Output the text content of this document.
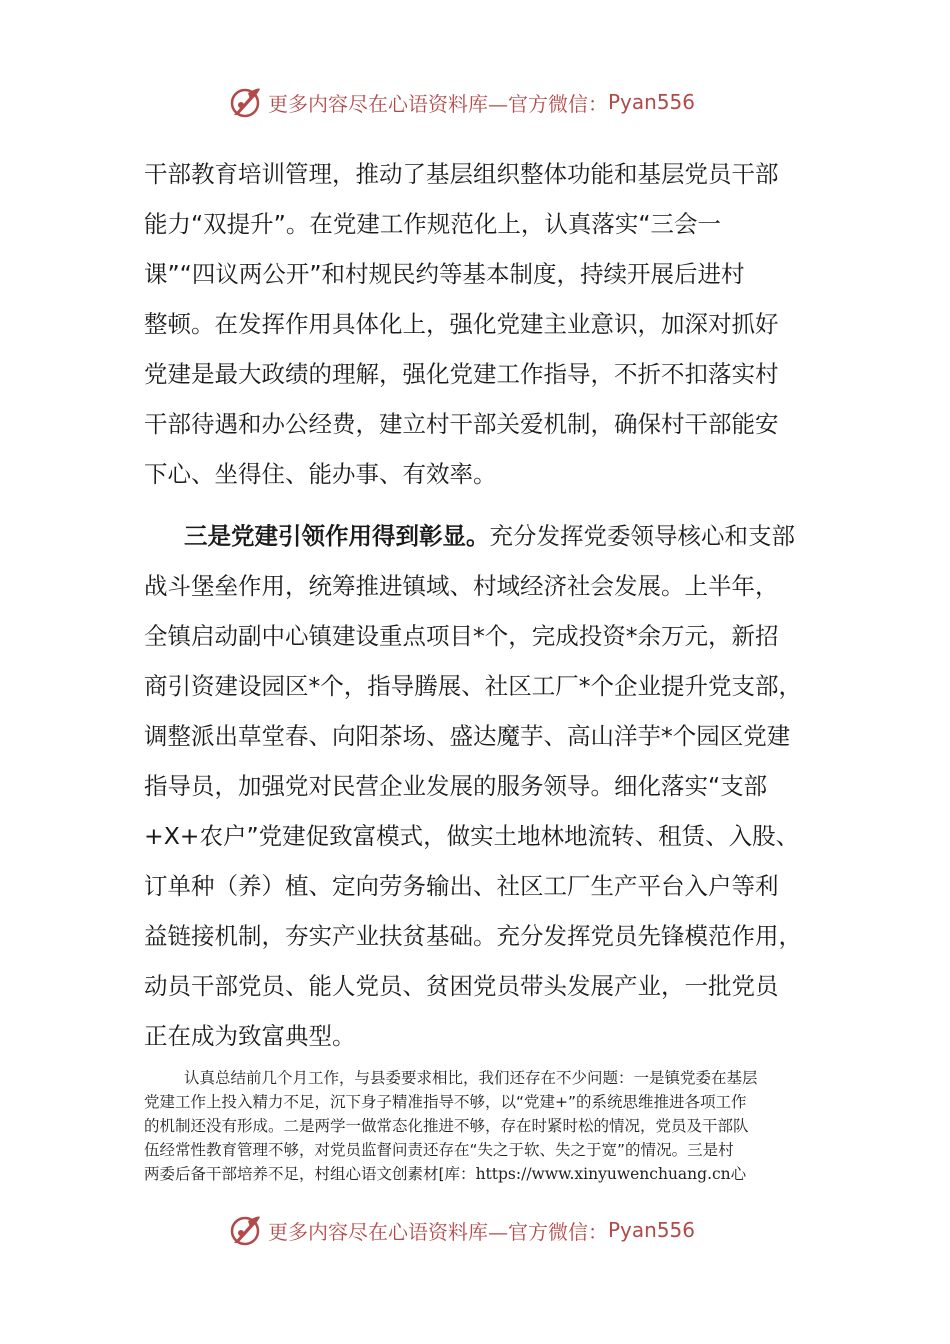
更多内容尽在心语资料库—官方微信： Pyan556
干部教育培训管理，推动了基层组织整体功能和基层党员干部
能力“双提升”。在党建工作规范化上，认真落实“三会一
课”“四议两公开”和村规民约等基本制度，持续开展后进村
整顿。在发挥作用具体化上，强化党建主业意识，加深对抓好
党建是最大政绩的理解，强化党建工作指导，不折不扣落实村
干部待遇和办公经费，建立村干部关爱机制，确保村干部能安
下心、坐得住、能办事、有效率。
三是党建引领作用得到彰显。充分发挥党委领导核心和支部
战斗堡垒作用，统筹推进镇域、村域经济社会发展。上半年，
全镇启动副中心镇建设重点项目*个，完成投资*余万元，新招
商引资建设园区*个，指导腾展、社区工厂*个企业提升党支部，
调整派出草堂春、向阳茶场、盛达魔芋、高山洋芋*个园区党建
指导员，加强党对民营企业发展的服务领导。细化落实“支部
+X+农户”党建促致富模式，做实土地林地流转、租赁、入股、
订单种（养）植、定向劳务输出、社区工厂生产平台入户等利
益链接机制，夯实产业扶贫基础。充分发挥党员先锋模范作用，
动员干部党员、能人党员、贫困党员带头发展产业，一批党员
正在成为致富典型。
认真总结前几个月工作，与县委要求相比，我们还存在不少问题：一是镇党委在基层
党建工作上投入精力不足，沉下身子精准指导不够，以“党建+”的系统思维推进各项工作
的机制还没有形成。二是两学一做常态化推进不够，存在时紧时松的情况，党员及干部队
伍经常性教育管理不够，对党员监督问责还存在“失之于软、失之于宽”的情况。三是村
两委后备干部培养不足，村组心语文创素材[库：https://www.xinyuwenchuang.cn心
更多内容尽在心语资料库—官方微信： Pyan556
